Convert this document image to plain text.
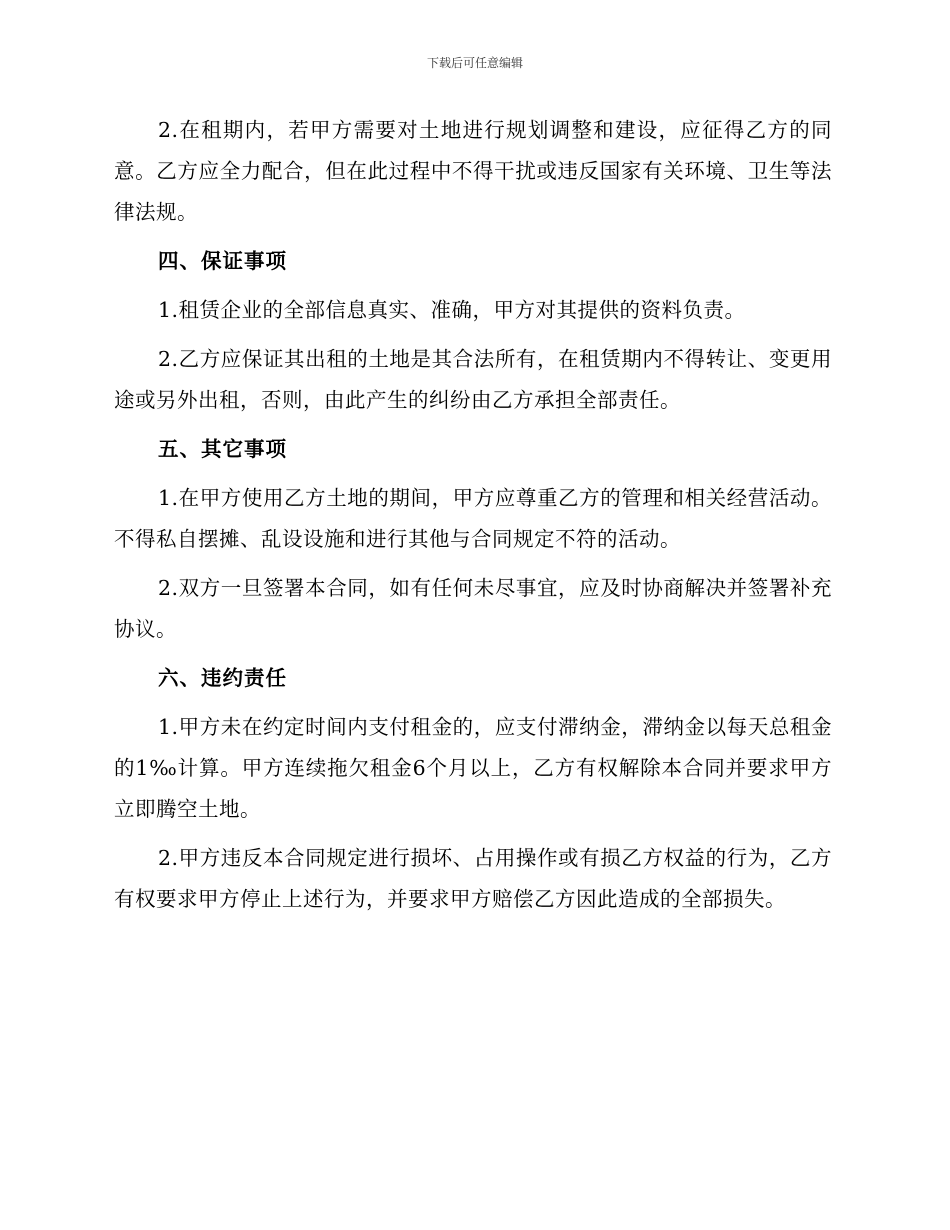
下载后可任意编辑

2.在租期内，若甲方需要对土地进行规划调整和建设，应征得乙方的同意。乙方应全力配合，但在此过程中不得干扰或违反国家有关环境、卫生等法律法规。

四、保证事项

1.租赁企业的全部信息真实、准确，甲方对其提供的资料负责。

2.乙方应保证其出租的土地是其合法所有，在租赁期内不得转让、变更用途或另外出租，否则，由此产生的纠纷由乙方承担全部责任。

五、其它事项

1.在甲方使用乙方土地的期间，甲方应尊重乙方的管理和相关经营活动。不得私自摆摊、乱设设施和进行其他与合同规定不符的活动。

2.双方一旦签署本合同，如有任何未尽事宜，应及时协商解决并签署补充协议。

六、违约责任

1.甲方未在约定时间内支付租金的，应支付滞纳金，滞纳金以每天总租金的1‰计算。甲方连续拖欠租金6个月以上，乙方有权解除本合同并要求甲方立即腾空土地。

2.甲方违反本合同规定进行损坏、占用操作或有损乙方权益的行为，乙方有权要求甲方停止上述行为，并要求甲方赔偿乙方因此造成的全部损失。
